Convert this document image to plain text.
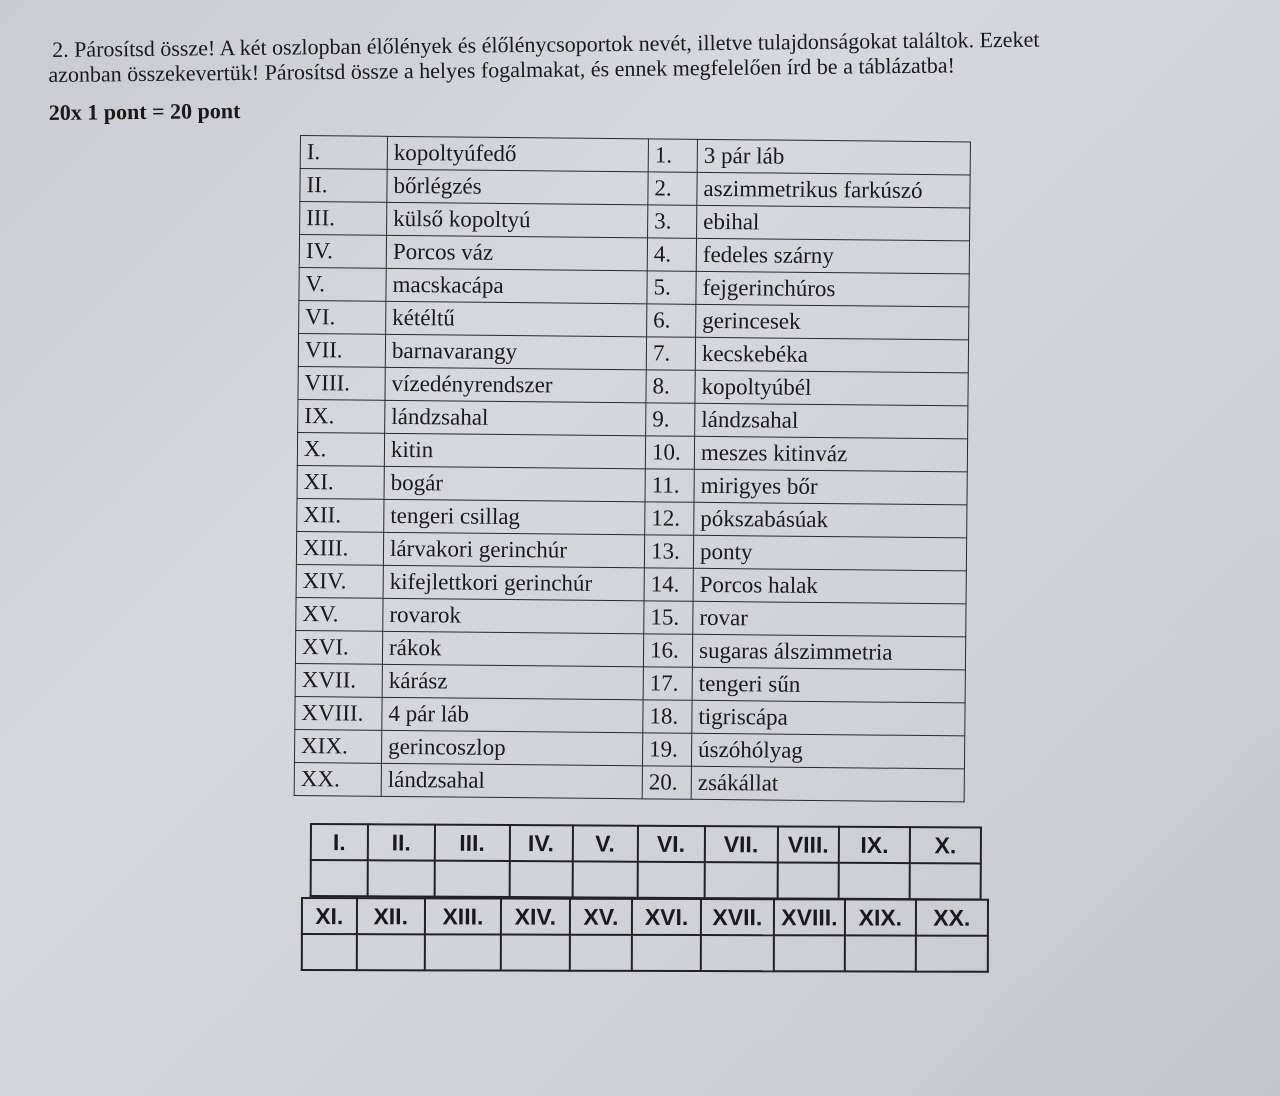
2. Párosítsd össze! A két oszlopban élőlények és élőlénycsoportok nevét, illetve tulajdonságokat találtok. Ezeket
azonban összekevertük! Párosítsd össze a helyes fogalmakat, és ennek megfelelően írd be a táblázatba!
20x 1 pont = 20 pont
I.	kopoltyúfedő	1.	3 pár láb
II.	bőrlégzés	2.	aszimmetrikus farkúszó
III.	külső kopoltyú	3.	ebihal
IV.	Porcos váz	4.	fedeles szárny
V.	macskacápa	5.	fejgerinchúros
VI.	kétéltű	6.	gerincesek
VII.	barnavarangy	7.	kecskebéka
VIII.	vízedényrendszer	8.	kopoltyúbél
IX.	lándzsahal	9.	lándzsahal
X.	kitin	10.	meszes kitinváz
XI.	bogár	11.	mirigyes bőr
XII.	tengeri csillag	12.	pókszabásúak
XIII.	lárvakori gerinchúr	13.	ponty
XIV.	kifejlettkori gerinchúr	14.	Porcos halak
XV.	rovarok	15.	rovar
XVI.	rákok	16.	sugaras álszimmetria
XVII.	kárász	17.	tengeri sűn
XVIII.	4 pár láb	18.	tigriscápa
XIX.	gerincoszlop	19.	úszóhólyag
XX.	lándzsahal	20.	zsákállat
I.	II.	III.	IV.	V.	VI.	VII.	VIII.	IX.	X.

XI.	XII.	XIII.	XIV.	XV.	XVI.	XVII.	XVIII.	XIX.	XX.
